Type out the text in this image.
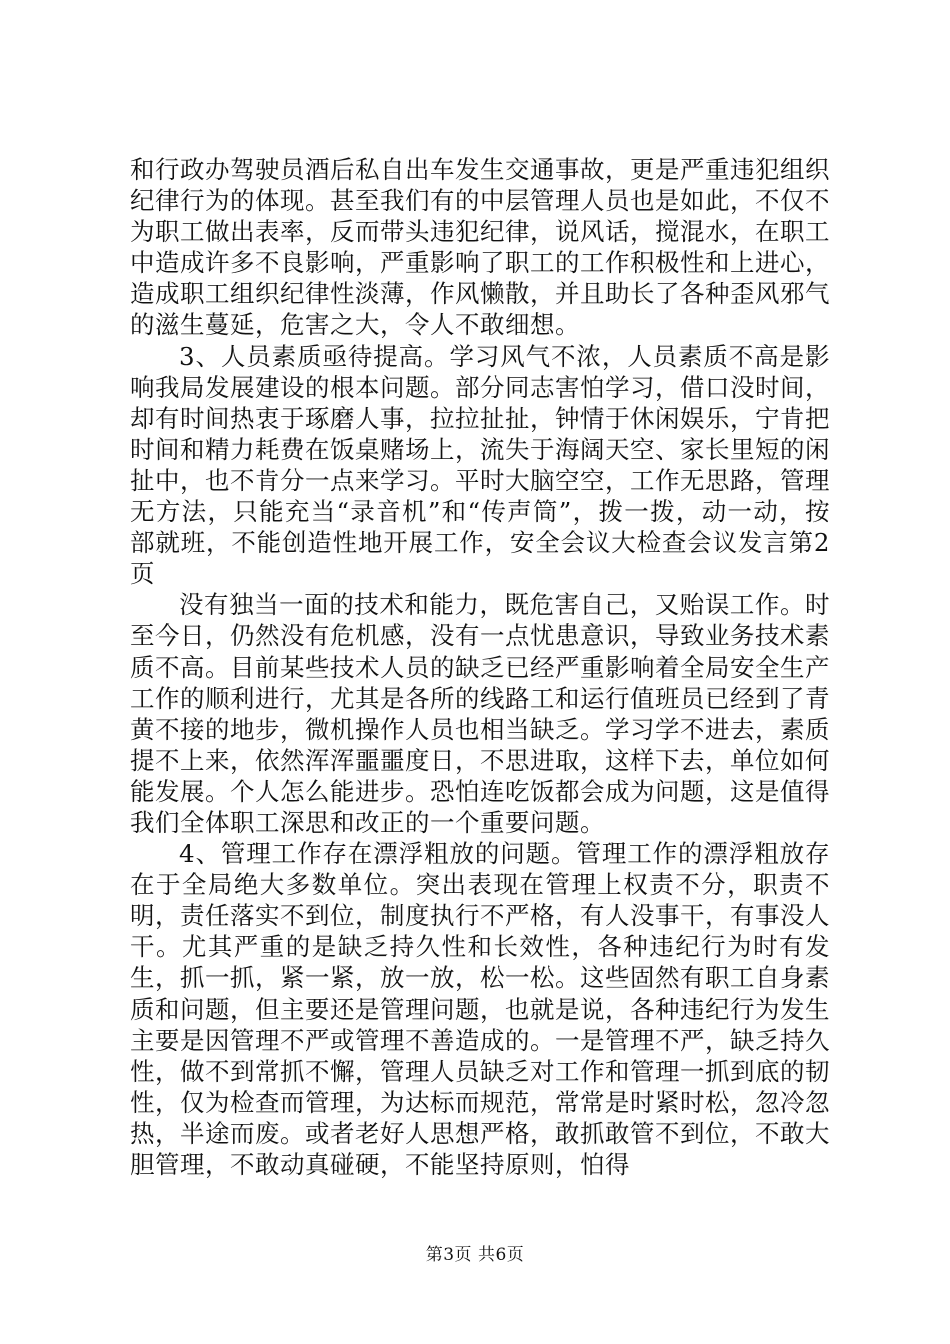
和行政办驾驶员酒后私自出车发生交通事故，更是严重违犯组织纪律行为的体现。甚至我们有的中层管理人员也是如此，不仅不为职工做出表率，反而带头违犯纪律，说风话，搅混水，在职工中造成许多不良影响，严重影响了职工的工作积极性和上进心，造成职工组织纪律性淡薄，作风懒散，并且助长了各种歪风邪气的滋生蔓延，危害之大，令人不敢细想。

3、人员素质亟待提高。学习风气不浓，人员素质不高是影响我局发展建设的根本问题。部分同志害怕学习，借口没时间，却有时间热衷于琢磨人事，拉拉扯扯，钟情于休闲娱乐，宁肯把时间和精力耗费在饭桌赌场上，流失于海阔天空、家长里短的闲扯中，也不肯分一点来学习。平时大脑空空，工作无思路，管理无方法，只能充当“录音机”和“传声筒”，拨一拨，动一动，按部就班，不能创造性地开展工作，安全会议大检查会议发言第2页

没有独当一面的技术和能力，既危害自己，又贻误工作。时至今日，仍然没有危机感，没有一点忧患意识，导致业务技术素质不高。目前某些技术人员的缺乏已经严重影响着全局安全生产工作的顺利进行，尤其是各所的线路工和运行值班员已经到了青黄不接的地步，微机操作人员也相当缺乏。学习学不进去，素质提不上来，依然浑浑噩噩度日，不思进取，这样下去，单位如何能发展。个人怎么能进步。恐怕连吃饭都会成为问题，这是值得我们全体职工深思和改正的一个重要问题。

4、管理工作存在漂浮粗放的问题。管理工作的漂浮粗放存在于全局绝大多数单位。突出表现在管理上权责不分，职责不明，责任落实不到位，制度执行不严格，有人没事干，有事没人干。尤其严重的是缺乏持久性和长效性，各种违纪行为时有发生，抓一抓，紧一紧，放一放，松一松。这些固然有职工自身素质和问题，但主要还是管理问题，也就是说，各种违纪行为发生主要是因管理不严或管理不善造成的。一是管理不严，缺乏持久性，做不到常抓不懈，管理人员缺乏对工作和管理一抓到底的韧性，仅为检查而管理，为达标而规范，常常是时紧时松，忽冷忽热，半途而废。或者老好人思想严格，敢抓敢管不到位，不敢大胆管理，不敢动真碰硬，不能坚持原则，怕得

第3页 共6页
